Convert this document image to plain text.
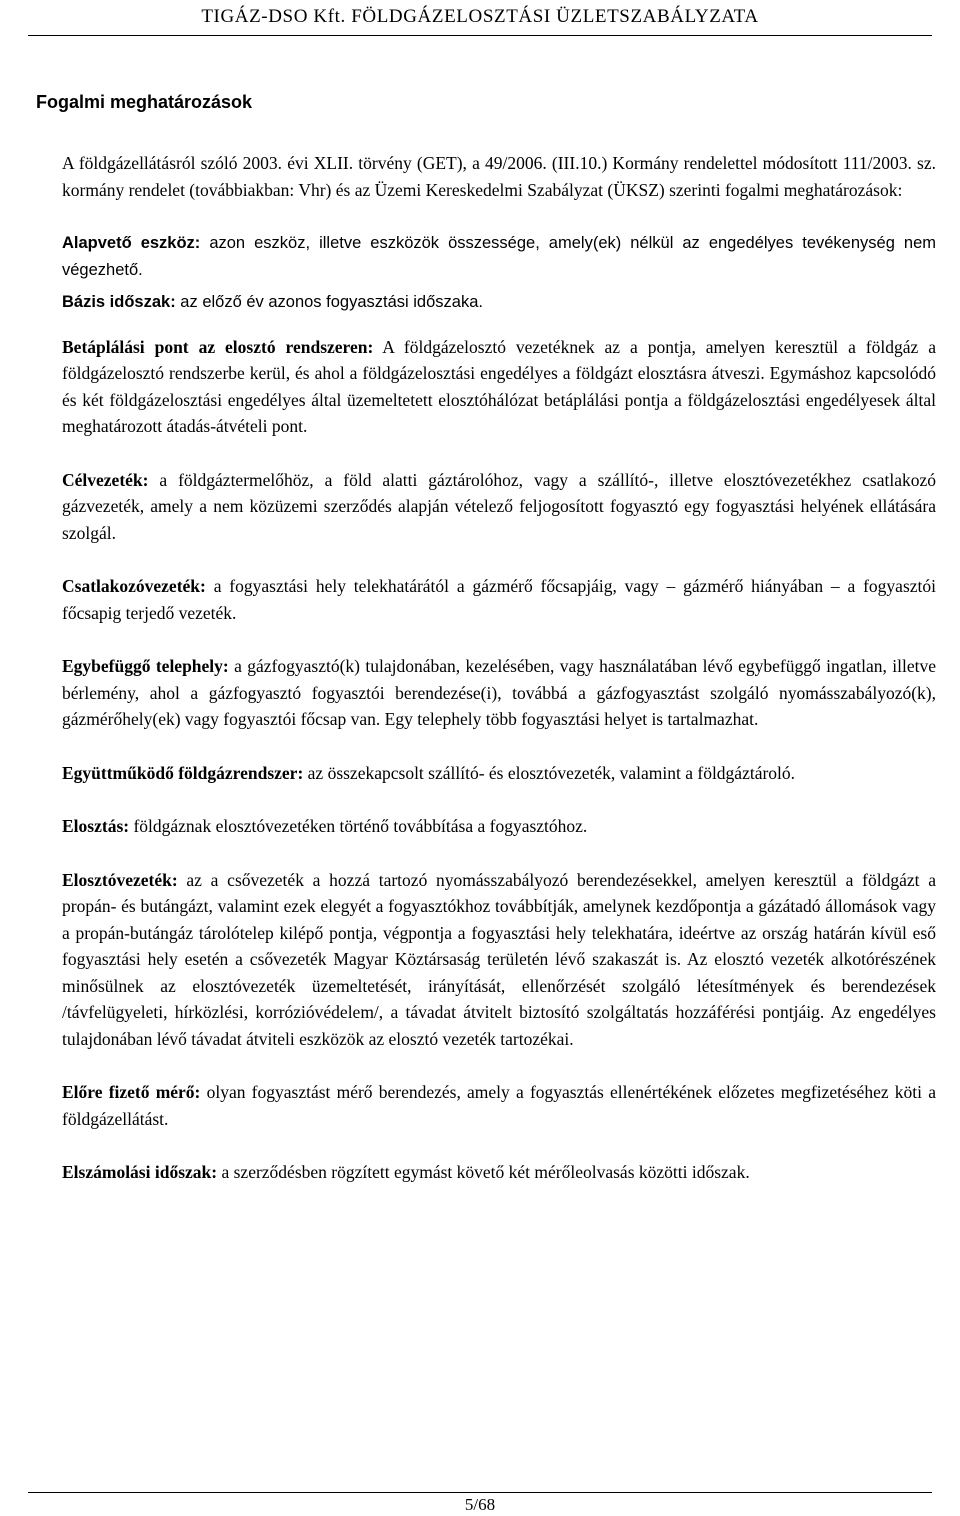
TIGÁZ-DSO Kft. FÖLDGÁZELOSZTÁSI ÜZLETSZABÁLYZATA
Fogalmi meghatározások

A földgázellátásról szóló 2003. évi XLII. törvény (GET), a 49/2006. (III.10.) Kormány rendelettel módosított 111/2003. sz. kormány rendelet (továbbiakban: Vhr) és az Üzemi Kereskedelmi Szabályzat (ÜKSZ) szerinti fogalmi meghatározások:

Alapvető eszköz: azon eszköz, illetve eszközök összessége, amely(ek) nélkül az engedélyes tevékenység nem végezhető.

Bázis időszak: az előző év azonos fogyasztási időszaka.

Betáplálási pont az elosztó rendszeren: A földgázelosztó vezetéknek az a pontja, amelyen keresztül a földgáz a földgázelosztó rendszerbe kerül, és ahol a földgázelosztási engedélyes a földgázt elosztásra átveszi. Egymáshoz kapcsolódó és két földgázelosztási engedélyes által üzemeltetett elosztóhálózat betáplálási pontja a földgázelosztási engedélyesek által meghatározott átadás-átvételi pont.

Célvezeték: a földgáztermelőhöz, a föld alatti gáztárolóhoz, vagy a szállító-, illetve elosztóvezetékhez csatlakozó gázvezeték, amely a nem közüzemi szerződés alapján vételező feljogosított fogyasztó egy fogyasztási helyének ellátására szolgál.

Csatlakozóvezeték: a fogyasztási hely telekhatárától a gázmérő főcsapjáig, vagy – gázmérő hiányában – a fogyasztói főcsapig terjedő vezeték.

Egybefüggő telephely: a gázfogyasztó(k) tulajdonában, kezelésében, vagy használatában lévő egybefüggő ingatlan, illetve bérlemény, ahol a gázfogyasztó fogyasztói berendezése(i), továbbá a gázfogyasztást szolgáló nyomásszabályozó(k), gázmérőhely(ek) vagy fogyasztói főcsap van. Egy telephely több fogyasztási helyet is tartalmazhat.

Együttműködő földgázrendszer: az összekapcsolt szállító- és elosztóvezeték, valamint a földgáztároló.

Elosztás: földgáznak elosztóvezetéken történő továbbítása a fogyasztóhoz.

Elosztóvezeték: az a csővezeték a hozzá tartozó nyomásszabályozó berendezésekkel, amelyen keresztül a földgázt a propán- és butángázt, valamint ezek elegyét a fogyasztókhoz továbbítják, amelynek kezdőpontja a gázátadó állomások vagy a propán-butángáz tárolótelep kilépő pontja, végpontja a fogyasztási hely telekhatára, ideértve az ország határán kívül eső fogyasztási hely esetén a csővezeték Magyar Köztársaság területén lévő szakaszát is. Az elosztó vezeték alkotórészének minősülnek az elosztóvezeték üzemeltetését, irányítását, ellenőrzését szolgáló létesítmények és berendezések /távfelügyeleti, hírközlési, korrózióvédelem/, a távadat átvitelt biztosító szolgáltatás hozzáférési pontjáig. Az engedélyes tulajdonában lévő távadat átviteli eszközök az elosztó vezeték tartozékai.

Előre fizető mérő: olyan fogyasztást mérő berendezés, amely a fogyasztás ellenértékének előzetes megfizetéséhez köti a földgázellátást.

Elszámolási időszak: a szerződésben rögzített egymást követő két mérőleolvasás közötti időszak.

5/68
